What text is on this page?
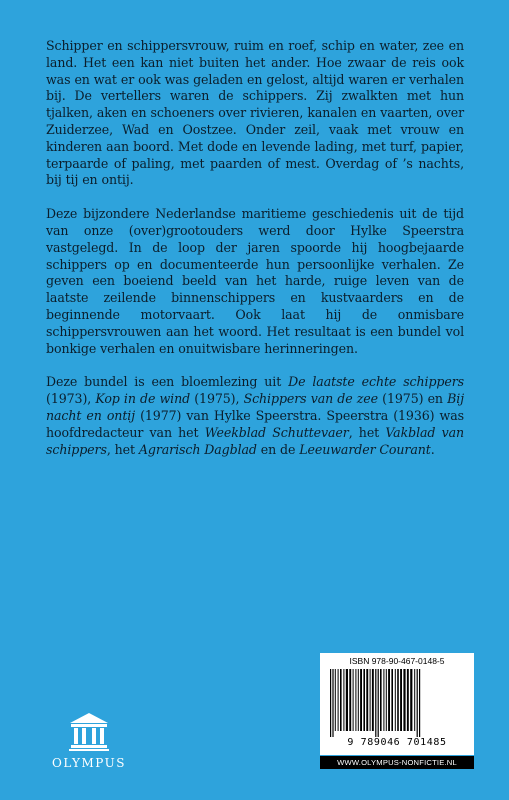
Schipper en schippersvrouw, ruim en roef, schip en water, zee en land. Het een kan niet buiten het ander. Hoe zwaar de reis ook was en wat er ook was geladen en gelost, altijd waren er verhalen bij. De vertellers waren de schippers. Zij zwalkten met hun tjalken, aken en schoeners over rivieren, kanalen en vaarten, over Zuiderzee, Wad en Oostzee. Onder zeil, vaak met vrouw en kinderen aan boord. Met dode en levende lading, met turf, papier, terpaarde of paling, met paarden of mest. Overdag of ’s nachts, bij tij en ontij.

Deze bijzondere Nederlandse maritieme geschiedenis uit de tijd van onze (over)grootouders werd door Hylke Speerstra vastgelegd. In de loop der jaren spoorde hij hoogbejaarde schippers op en documenteerde hun persoonlijke verhalen. Ze geven een boeiend beeld van het harde, ruige leven van de laatste zeilende binnenschippers en kustvaarders en de beginnende motorvaart. Ook laat hij de onmisbare schippersvrouwen aan het woord. Het resultaat is een bundel vol bonkige verhalen en onuitwisbare herinneringen.

Deze bundel is een bloemlezing uit De laatste echte schippers (1973), Kop in de wind (1975), Schippers van de zee (1975) en Bij nacht en ontij (1977) van Hylke Speerstra. Speerstra (1936) was hoofdredacteur van het Weekblad Schuttevaer, het Vakblad van schippers, het Agrarisch Dagblad en de Leeuwarder Courant.

OLYMPUS
ISBN 978-90-467-0148-5
9 789046 701485
WWW.OLYMPUS-NONFICTIE.NL
